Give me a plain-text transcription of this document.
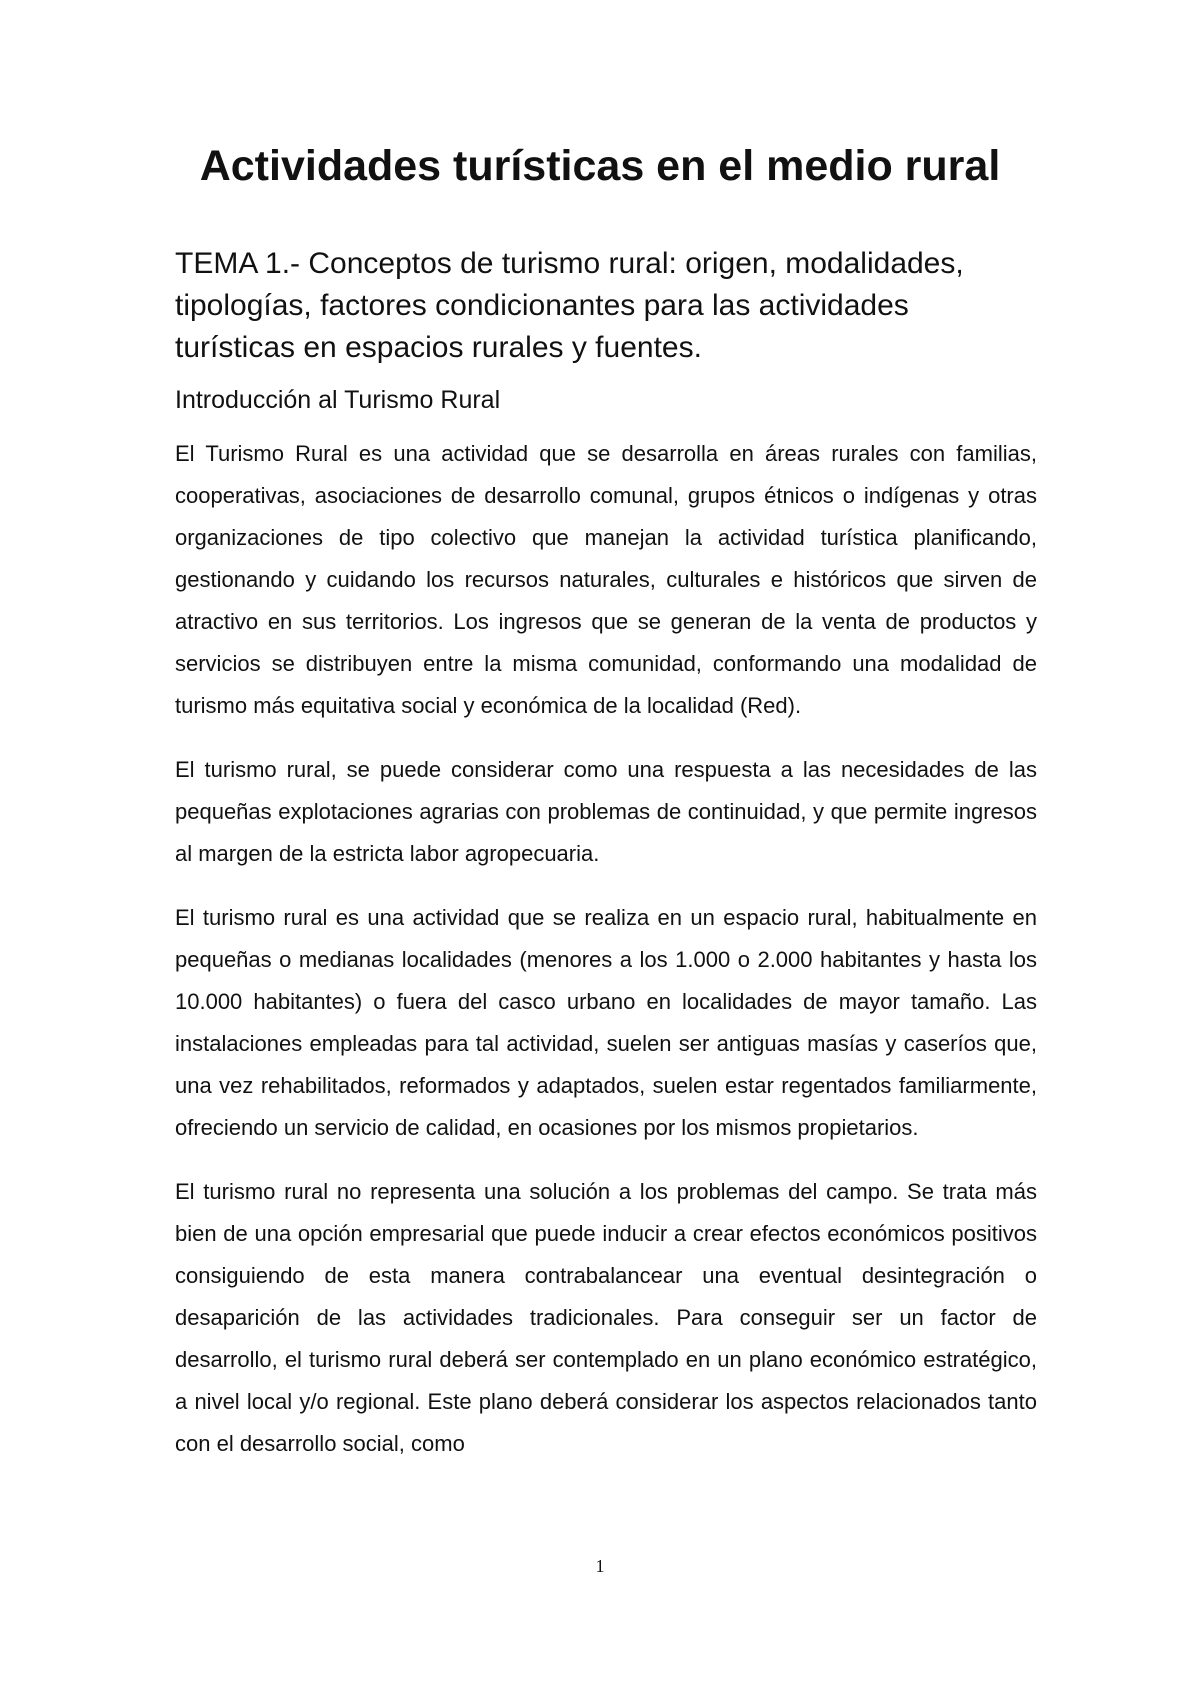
Actividades turísticas en el medio rural
TEMA 1.- Conceptos de turismo rural: origen, modalidades, tipologías, factores condicionantes para las actividades turísticas en espacios rurales y fuentes.
Introducción al Turismo Rural

El Turismo Rural es una actividad que se desarrolla en áreas rurales con familias, cooperativas, asociaciones de desarrollo comunal, grupos étnicos o indígenas y otras organizaciones de tipo colectivo que manejan la actividad turística planificando, gestionando y cuidando los recursos naturales, culturales e históricos que sirven de atractivo en sus territorios. Los ingresos que se generan de la venta de productos y servicios se distribuyen entre la misma comunidad, conformando una modalidad de turismo más equitativa social y económica de la localidad (Red).

El turismo rural, se puede considerar como una respuesta a las necesidades de las pequeñas explotaciones agrarias con problemas de continuidad, y que permite ingresos al margen de la estricta labor agropecuaria.

El turismo rural es una actividad que se realiza en un espacio rural, habitualmente en pequeñas o medianas localidades (menores a los 1.000 o 2.000 habitantes y hasta los 10.000 habitantes) o fuera del casco urbano en localidades de mayor tamaño. Las instalaciones empleadas para tal actividad, suelen ser antiguas masías y caseríos que, una vez rehabilitados, reformados y adaptados, suelen estar regentados familiarmente, ofreciendo un servicio de calidad, en ocasiones por los mismos propietarios.

El turismo rural no representa una solución a los problemas del campo. Se trata más bien de una opción empresarial que puede inducir a crear efectos económicos positivos consiguiendo de esta manera contrabalancear una eventual desintegración o desaparición de las actividades tradicionales. Para conseguir ser un factor de desarrollo, el turismo rural deberá ser contemplado en un plano económico estratégico, a nivel local y/o regional. Este plano deberá considerar los aspectos relacionados tanto con el desarrollo social, como

1
